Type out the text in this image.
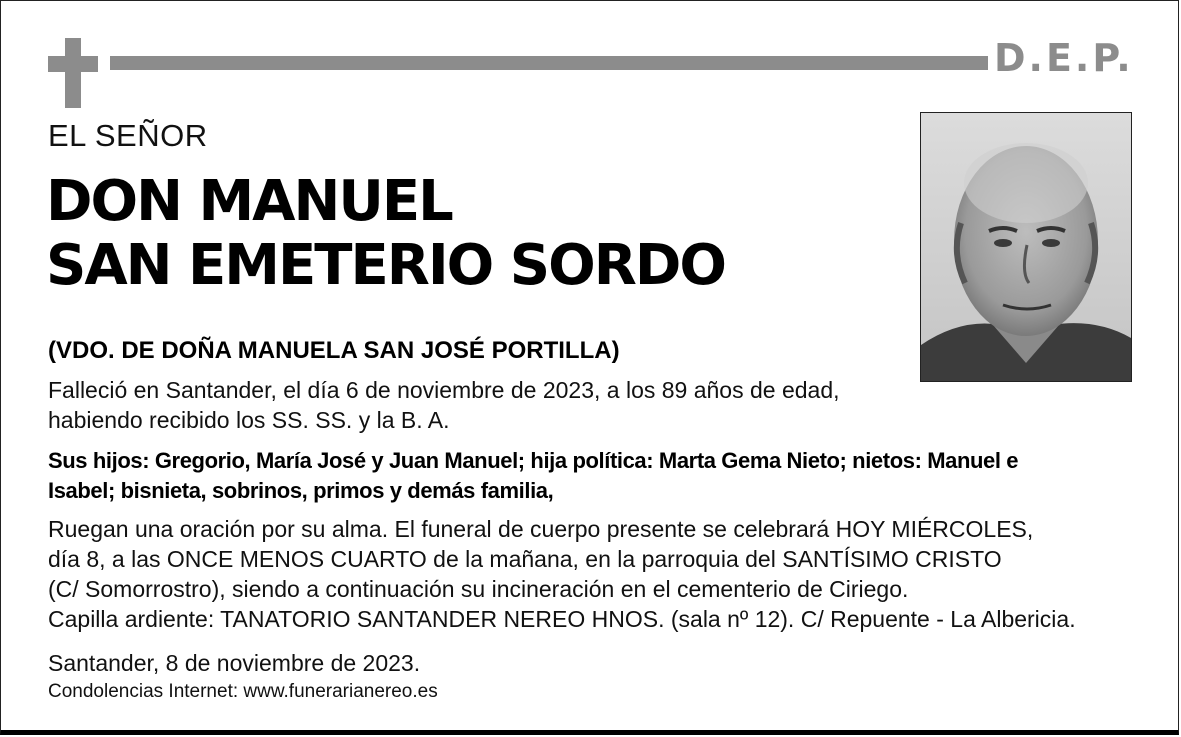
D.E.P.
EL SEÑOR
DON MANUEL
SAN EMETERIO SORDO
(VDO. DE DOÑA MANUELA SAN JOSÉ PORTILLA)
Falleció en Santander, el día 6 de noviembre de 2023, a los 89 años de edad,
habiendo recibido los SS. SS. y la B. A.
Sus hijos: Gregorio, María José y Juan Manuel; hija política: Marta Gema Nieto; nietos: Manuel e
Isabel; bisnieta, sobrinos, primos y demás familia,
Ruegan una oración por su alma. El funeral de cuerpo presente se celebrará HOY MIÉRCOLES,
día 8, a las ONCE MENOS CUARTO de la mañana, en la parroquia del SANTÍSIMO CRISTO
(C/ Somorrostro), siendo a continuación su incineración en el cementerio de Ciriego.
Capilla ardiente: TANATORIO SANTANDER NEREO HNOS. (sala nº 12). C/ Repuente - La Albericia.
Santander, 8 de noviembre de 2023.
Condolencias Internet: www.funerarianereo.es
